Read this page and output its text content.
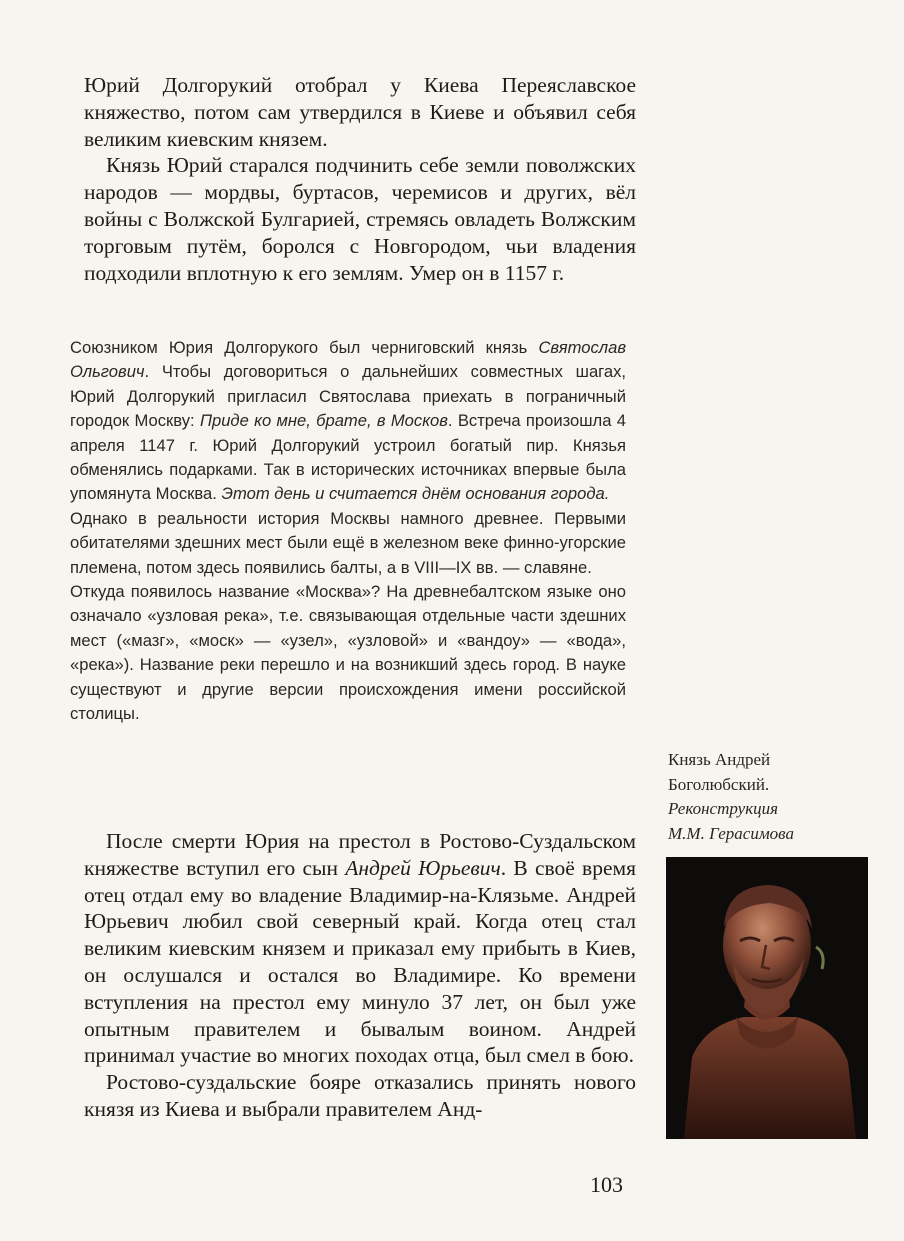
Юрий Долгорукий отобрал у Киева Переяславское княжество, потом сам утвердился в Киеве и объявил себя великим киевским князем.

Князь Юрий старался подчинить себе земли поволжских народов — мордвы, буртасов, черемисов и других, вёл войны с Волжской Булгарией, стремясь овладеть Волжским торговым путём, боролся с Новгородом, чьи владения подходили вплотную к его землям. Умер он в 1157 г.

Союзником Юрия Долгорукого был черниговский князь Святослав Ольгович. Чтобы договориться о дальнейших совместных шагах, Юрий Долгорукий пригласил Святослава приехать в пограничный городок Москву: Приде ко мне, брате, в Москов. Встреча произошла 4 апреля 1147 г. Юрий Долгорукий устроил богатый пир. Князья обменялись подарками. Так в исторических источниках впервые была упомянута Москва. Этот день и считается днём основания города.

Однако в реальности история Москвы намного древнее. Первыми обитателями здешних мест были ещё в железном веке финно-угорские племена, потом здесь появились балты, а в VIII—IX вв. — славяне.

Откуда появилось название «Москва»? На древнебалтском языке оно означало «узловая река», т.е. связывающая отдельные части здешних мест («мазг», «моск» — «узел», «узловой» и «вандоу» — «вода», «река»). Название реки перешло и на возникший здесь город. В науке существуют и другие версии происхождения имени российской столицы.

Князь Андрей
Боголюбский.
Реконструкция
М.М. Герасимова

После смерти Юрия на престол в Ростово-Суздальском княжестве вступил его сын Андрей Юрьевич. В своё время отец отдал ему во владение Владимир-на-Клязьме. Андрей Юрьевич любил свой северный край. Когда отец стал великим киевским князем и приказал ему прибыть в Киев, он ослушался и остался во Владимире. Ко времени вступления на престол ему минуло 37 лет, он был уже опытным правителем и бывалым воином. Андрей принимал участие во многих походах отца, был смел в бою.

Ростово-суздальские бояре отказались принять нового князя из Киева и выбрали правителем Анд-

103
